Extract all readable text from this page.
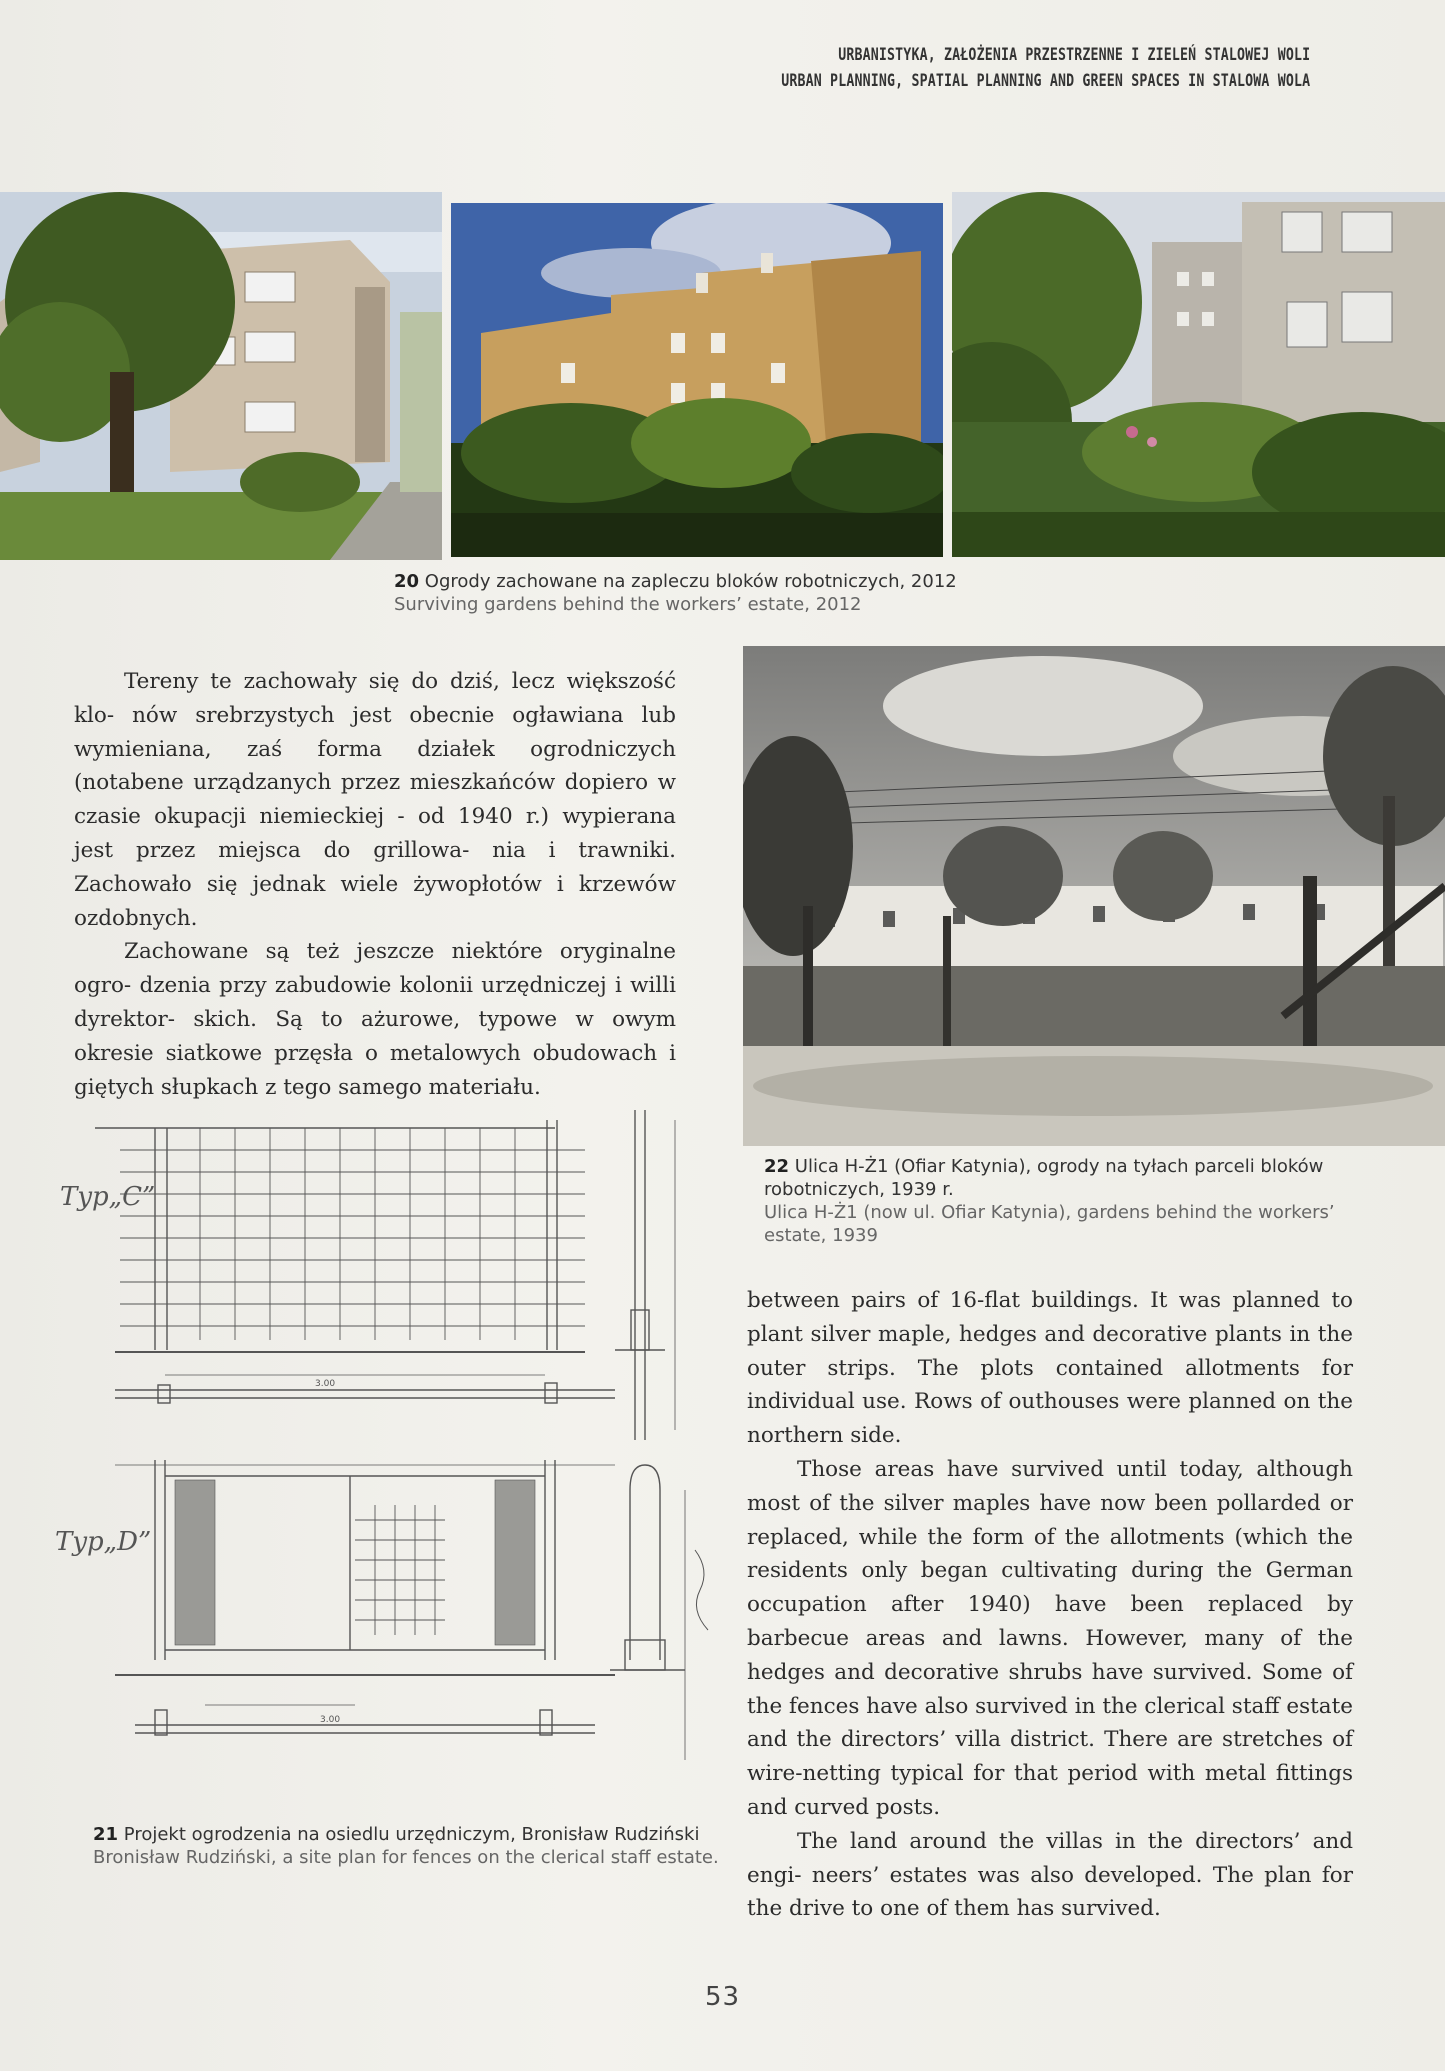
URBANISTYKA, ZAŁOŻENIA PRZESTRZENNE I ZIELEŃ STALOWEJ WOLI
URBAN PLANNING, SPATIAL PLANNING AND GREEN SPACES IN STALOWA WOLA
20 Ogrody zachowane na zapleczu bloków robotniczych, 2012
Surviving gardens behind the workers’ estate, 2012

Tereny te zachowały się do dziś, lecz większość klo- nów srebrzystych jest obecnie ogławiana lub wymieniana, zaś forma działek ogrodniczych (notabene urządzanych przez mieszkańców dopiero w czasie okupacji niemieckiej - od 1940 r.) wypierana jest przez miejsca do grillowa- nia i trawniki. Zachowało się jednak wiele żywopłotów i krzewów ozdobnych.

Zachowane są też jeszcze niektóre oryginalne ogro- dzenia przy zabudowie kolonii urzędniczej i willi dyrektor- skich. Są to ażurowe, typowe w owym okresie siatkowe przęsła o metalowych obudowach i giętych słupkach z tego samego materiału.

22 Ulica H-Ż1 (Ofiar Katynia), ogrody na tyłach parceli bloków
robotniczych, 1939 r.
Ulica H-Ż1 (now ul. Ofiar Katynia), gardens behind the workers’
estate, 1939
Typ„C”
Typ„D”
3.00
3.00
21 Projekt ogrodzenia na osiedlu urzędniczym, Bronisław Rudziński
Bronisław Rudziński, a site plan for fences on the clerical staff estate.

between pairs of 16-flat buildings. It was planned to plant silver maple, hedges and decorative plants in the outer strips. The plots contained allotments for individual use. Rows of outhouses were planned on the northern side.

Those areas have survived until today, although most of the silver maples have now been pollarded or replaced, while the form of the allotments (which the residents only began cultivating during the German occupation after 1940) have been replaced by barbecue areas and lawns. However, many of the hedges and decorative shrubs have survived. Some of the fences have also survived in the clerical staff estate and the directors’ villa district. There are stretches of wire-netting typical for that period with metal fittings and curved posts.

The land around the villas in the directors’ and engi- neers’ estates was also developed. The plan for the drive to one of them has survived.

53
